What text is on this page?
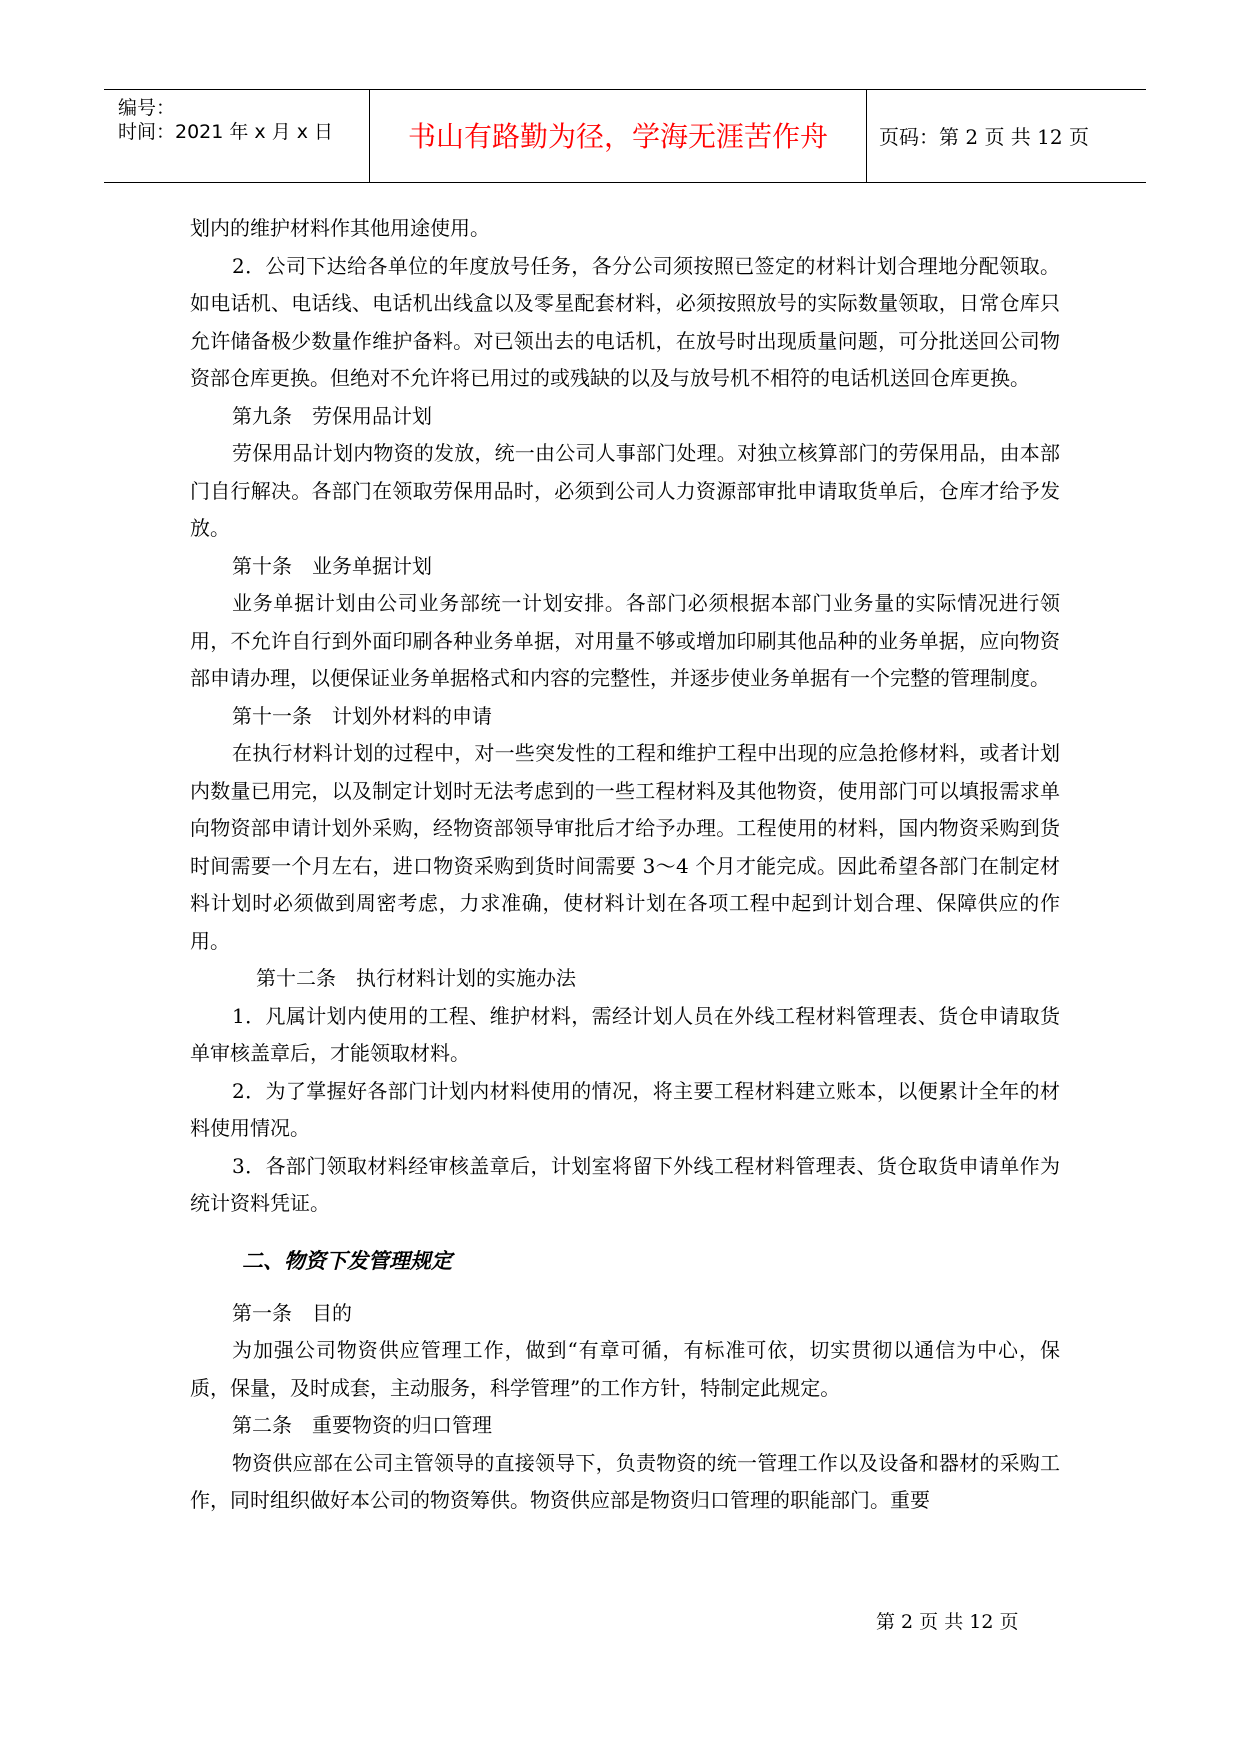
编号：
时间：2021 年 x 月 x 日	书山有路勤为径，学海无涯苦作舟	页码：第 2 页 共 12 页

划内的维护材料作其他用途使用。

2．公司下达给各单位的年度放号任务，各分公司须按照已签定的材料计划合理地分配领取。如电话机、电话线、电话机出线盒以及零星配套材料，必须按照放号的实际数量领取，日常仓库只允许储备极少数量作维护备料。对已领出去的电话机，在放号时出现质量问题，可分批送回公司物资部仓库更换。但绝对不允许将已用过的或残缺的以及与放号机不相符的电话机送回仓库更换。

第九条　劳保用品计划

劳保用品计划内物资的发放，统一由公司人事部门处理。对独立核算部门的劳保用品，由本部门自行解决。各部门在领取劳保用品时，必须到公司人力资源部审批申请取货单后，仓库才给予发放。

第十条　业务单据计划

业务单据计划由公司业务部统一计划安排。各部门必须根据本部门业务量的实际情况进行领用，不允许自行到外面印刷各种业务单据，对用量不够或增加印刷其他品种的业务单据，应向物资部申请办理，以便保证业务单据格式和内容的完整性，并逐步使业务单据有一个完整的管理制度。

第十一条　计划外材料的申请

在执行材料计划的过程中，对一些突发性的工程和维护工程中出现的应急抢修材料，或者计划内数量已用完，以及制定计划时无法考虑到的一些工程材料及其他物资，使用部门可以填报需求单向物资部申请计划外采购，经物资部领导审批后才给予办理。工程使用的材料，国内物资采购到货时间需要一个月左右，进口物资采购到货时间需要 3～4 个月才能完成。因此希望各部门在制定材料计划时必须做到周密考虑，力求准确，使材料计划在各项工程中起到计划合理、保障供应的作用。

第十二条　执行材料计划的实施办法

1．凡属计划内使用的工程、维护材料，需经计划人员在外线工程材料管理表、货仓申请取货单审核盖章后，才能领取材料。

2．为了掌握好各部门计划内材料使用的情况，将主要工程材料建立账本，以便累计全年的材料使用情况。

3．各部门领取材料经审核盖章后，计划室将留下外线工程材料管理表、货仓取货申请单作为统计资料凭证。

二、物资下发管理规定

第一条　目的

为加强公司物资供应管理工作，做到“有章可循，有标准可依，切实贯彻以通信为中心，保质，保量，及时成套，主动服务，科学管理”的工作方针，特制定此规定。

第二条　重要物资的归口管理

物资供应部在公司主管领导的直接领导下，负责物资的统一管理工作以及设备和器材的采购工作，同时组织做好本公司的物资筹供。物资供应部是物资归口管理的职能部门。重要

第 2 页 共 12 页
